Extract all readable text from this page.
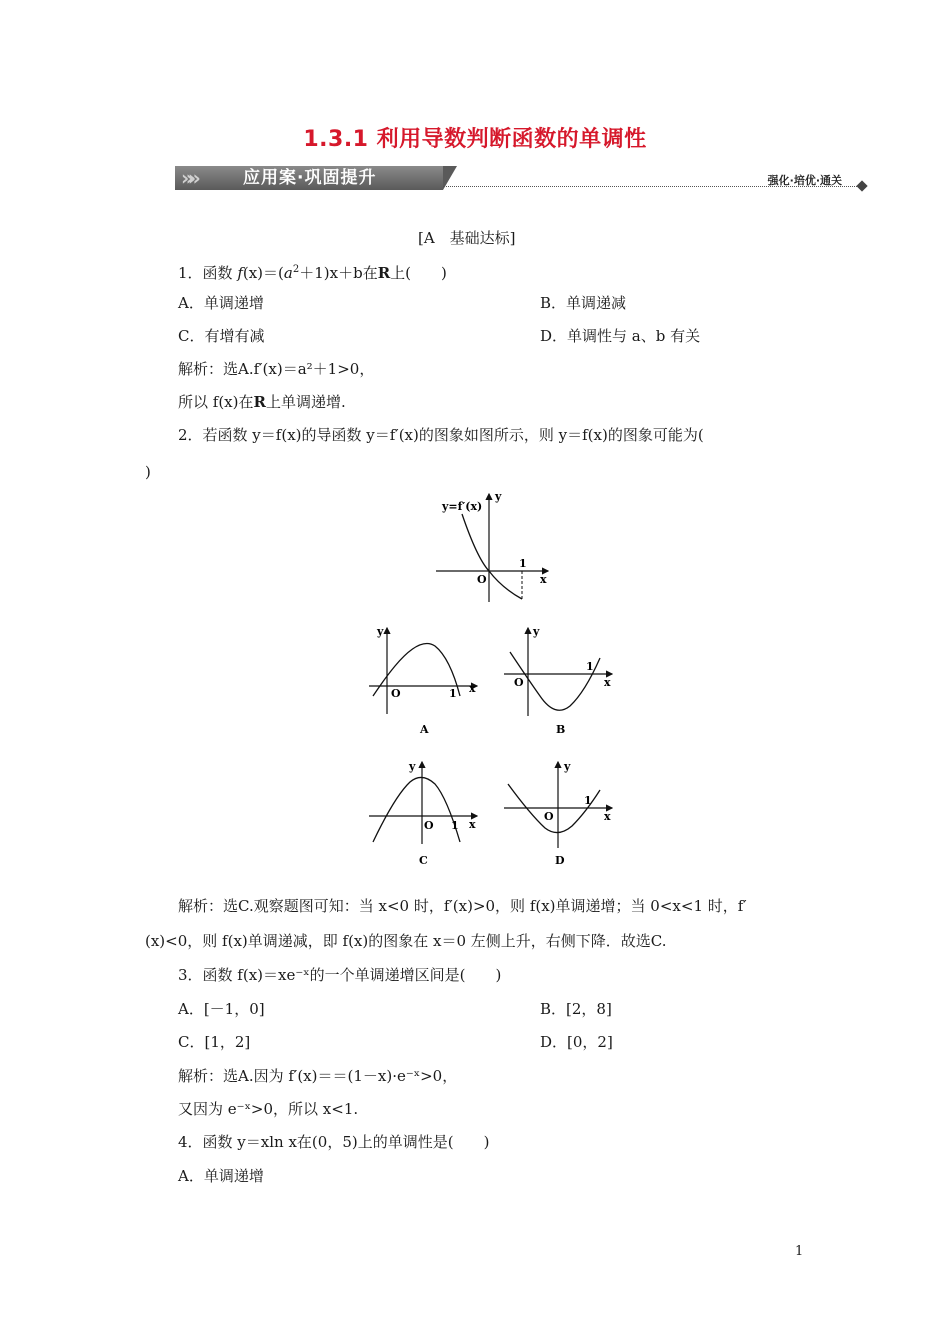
1.3.1 利用导数判断函数的单调性
»»	应用案·巩固提升	强化·培优·通关
[A　基础达标]
1．函数 $f(x)=(a^2+1)x+b$在R上(　　)
A．单调递增	B．单调递减
C．有增有减	D．单调性与 a、b 有关
解析：选A.f′(x)＝a²＋1>0，
所以 f(x)在R上单调递增.
2．若函数 y＝f(x)的导函数 y＝f′(x)的图象如图所示，则 y＝f(x)的图象可能为(
)
y=f′(x)
y
x
O
1
y
x
O	1
A
y
x
O
1
B
y
x
O 1
C
y
x
O
1
D
解析：选C.观察题图可知：当 x<0 时，f′(x)>0，则 f(x)单调递增；当 0<x<1 时，f′
(x)<0，则 f(x)单调递减，即 f(x)的图象在 x＝0 左侧上升，右侧下降．故选C.
3．函数 f(x)＝xe⁻ˣ的一个单调递增区间是(　　)
A．[－1，0]	B．[2，8]
C．[1，2]	D．[0，2]
解析：选A.因为 f′(x)＝＝(1－x)·e⁻ˣ>0，
又因为 e⁻ˣ>0，所以 x<1.
4．函数 y＝xln x在(0，5)上的单调性是(　　)
A．单调递增
1
